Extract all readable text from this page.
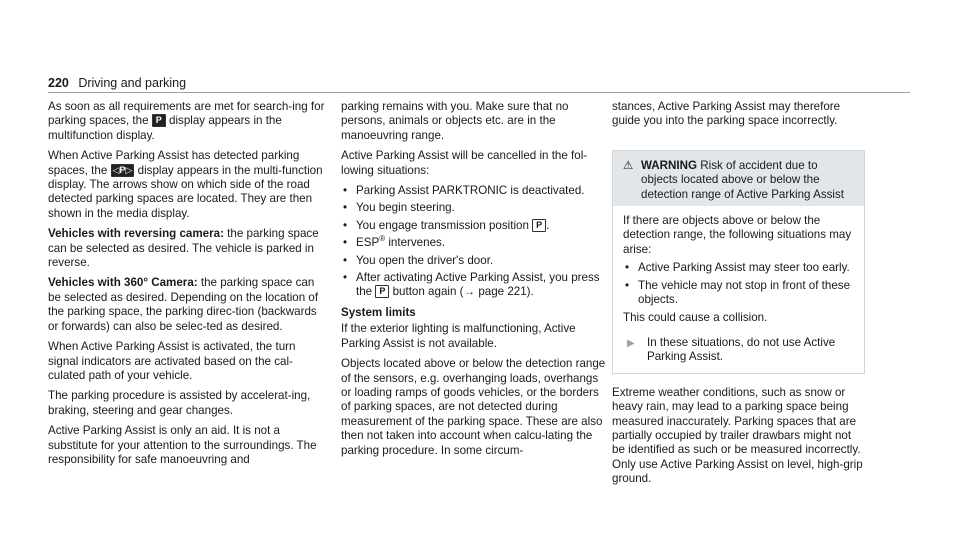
220 Driving and parking

As soon as all requirements are met for search-ing for parking spaces, the P display appears in the multifunction display.

When Active Parking Assist has detected parking spaces, the ◁P▷ display appears in the multi-function display. The arrows show on which side of the road detected parking spaces are located. They are then shown in the media display.

Vehicles with reversing camera: the parking space can be selected as desired. The vehicle is parked in reverse.

Vehicles with 360° Camera: the parking space can be selected as desired. Depending on the location of the parking space, the parking direc-tion (backwards or forwards) can also be selec-ted as desired.

When Active Parking Assist is activated, the turn signal indicators are activated based on the cal-culated path of your vehicle.

The parking procedure is assisted by accelerat-ing, braking, steering and gear changes.

Active Parking Assist is only an aid. It is not a substitute for your attention to the surroundings. The responsibility for safe manoeuvring and

parking remains with you. Make sure that no persons, animals or objects etc. are in the manoeuvring range.

Active Parking Assist will be cancelled in the fol-lowing situations:

• Parking Assist PARKTRONIC is deactivated.
• You begin steering.
• You engage transmission position P .
• ESP® intervenes.
• You open the driver's door.
• After activating Active Parking Assist, you press the P button again (→ page 221).

System limits

If the exterior lighting is malfunctioning, Active Parking Assist is not available.

Objects located above or below the detection range of the sensors, e.g. overhanging loads, overhangs or loading ramps of goods vehicles, or the borders of parking spaces, are not detected during measurement of the parking space. These are also then not taken into account when calcu-lating the parking procedure. In some circum-

stances, Active Parking Assist may therefore guide you into the parking space incorrectly.

⚠ WARNING Risk of accident due to objects located above or below the detection range of Active Parking Assist

If there are objects above or below the detection range, the following situations may arise:

• Active Parking Assist may steer too early.
• The vehicle may not stop in front of these objects.

This could cause a collision.

▶ In these situations, do not use Active Parking Assist.

Extreme weather conditions, such as snow or heavy rain, may lead to a parking space being measured inaccurately. Parking spaces that are partially occupied by trailer drawbars might not be identified as such or be measured incorrectly. Only use Active Parking Assist on level, high-grip ground.
